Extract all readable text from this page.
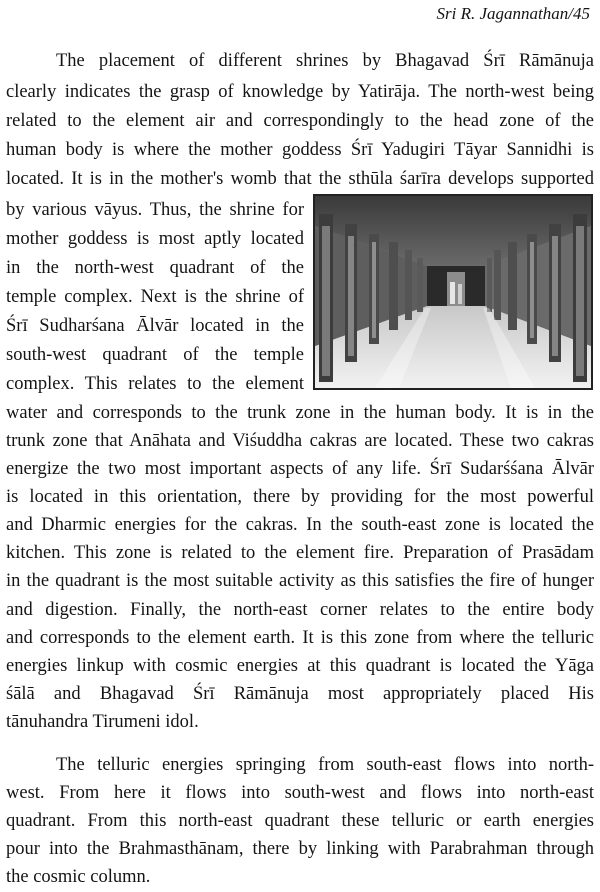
Sri R. Jagannathan/45
The placement of different shrines by Bhagavad Śrī Rāmānuja
clearly indicates the grasp of knowledge by Yatirāja. The north-west being
related to the element air and correspondingly to the head zone of the
human body is where the mother goddess Śrī Yadugiri Tāyar Sannidhi is
located. It is in the mother's womb that the sthūla śarīra develops supported
by various vāyus. Thus, the shrine for
mother goddess is most aptly located
in the north-west quadrant of the
temple complex. Next is the shrine of
Śrī Sudharśana Ālvār located in the
south-west quadrant of the temple
complex. This relates to the element
water and corresponds to the trunk zone in the human body. It is in the
trunk zone that Anāhata and Viśuddha cakras are located. These two cakras
energize the two most important aspects of any life. Śrī Sudarśśana Ālvār
is located in this orientation, there by providing for the most powerful
and Dharmic energies for the cakras. In the south-east zone is located the
kitchen. This zone is related to the element fire. Preparation of Prasādam
in the quadrant is the most suitable activity as this satisfies the fire of hunger
and digestion. Finally, the north-east corner relates to the entire body
and corresponds to the element earth. It is this zone from where the telluric
energies linkup with cosmic energies at this quadrant is located the Yāga
śālā and Bhagavad Śrī Rāmānuja most appropriately placed His
tānuhandra Tirumeni idol.
The telluric energies springing from south-east flows into north-
west. From here it flows into south-west and flows into north-east
quadrant. From this north-east quadrant these telluric or earth energies
pour into the Brahmasthānam, there by linking with Parabrahman through
the cosmic column.
